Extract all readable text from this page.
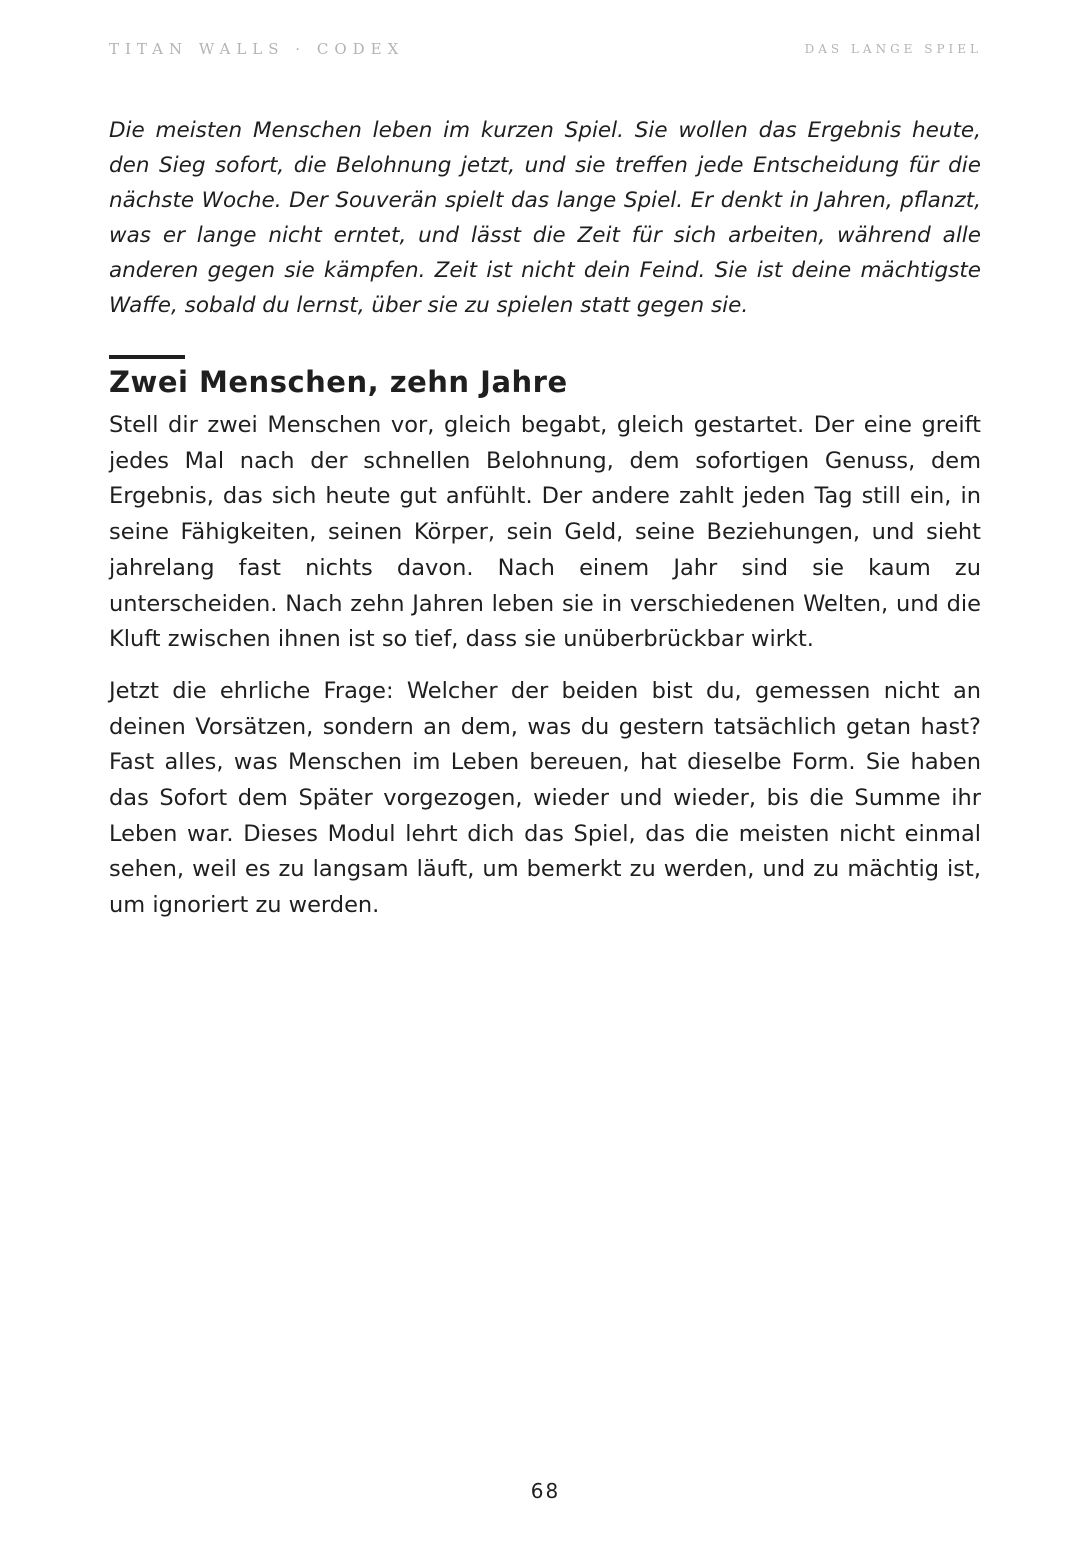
TITAN WALLS · CODEX	DAS LANGE SPIEL

Die meisten Menschen leben im kurzen Spiel. Sie wollen das Ergebnis heute, den Sieg sofort, die Belohnung jetzt, und sie treffen jede Entscheidung für die nächste Woche. Der Souverän spielt das lange Spiel. Er denkt in Jahren, pflanzt, was er lange nicht erntet, und lässt die Zeit für sich arbeiten, während alle anderen gegen sie kämpfen. Zeit ist nicht dein Feind. Sie ist deine mächtigste Waffe, sobald du lernst, über sie zu spielen statt gegen sie.

Zwei Menschen, zehn Jahre

Stell dir zwei Menschen vor, gleich begabt, gleich gestartet. Der eine greift jedes Mal nach der schnellen Belohnung, dem sofortigen Genuss, dem Ergebnis, das sich heute gut anfühlt. Der andere zahlt jeden Tag still ein, in seine Fähigkeiten, seinen Körper, sein Geld, seine Beziehungen, und sieht jahrelang fast nichts davon. Nach einem Jahr sind sie kaum zu unterscheiden. Nach zehn Jahren leben sie in verschiedenen Welten, und die Kluft zwischen ihnen ist so tief, dass sie unüberbrückbar wirkt.

Jetzt die ehrliche Frage: Welcher der beiden bist du, gemessen nicht an deinen Vorsätzen, sondern an dem, was du gestern tatsächlich getan hast? Fast alles, was Menschen im Leben bereuen, hat dieselbe Form. Sie haben das Sofort dem Später vorgezogen, wieder und wieder, bis die Summe ihr Leben war. Dieses Modul lehrt dich das Spiel, das die meisten nicht einmal sehen, weil es zu langsam läuft, um bemerkt zu werden, und zu mächtig ist, um ignoriert zu werden.

68
